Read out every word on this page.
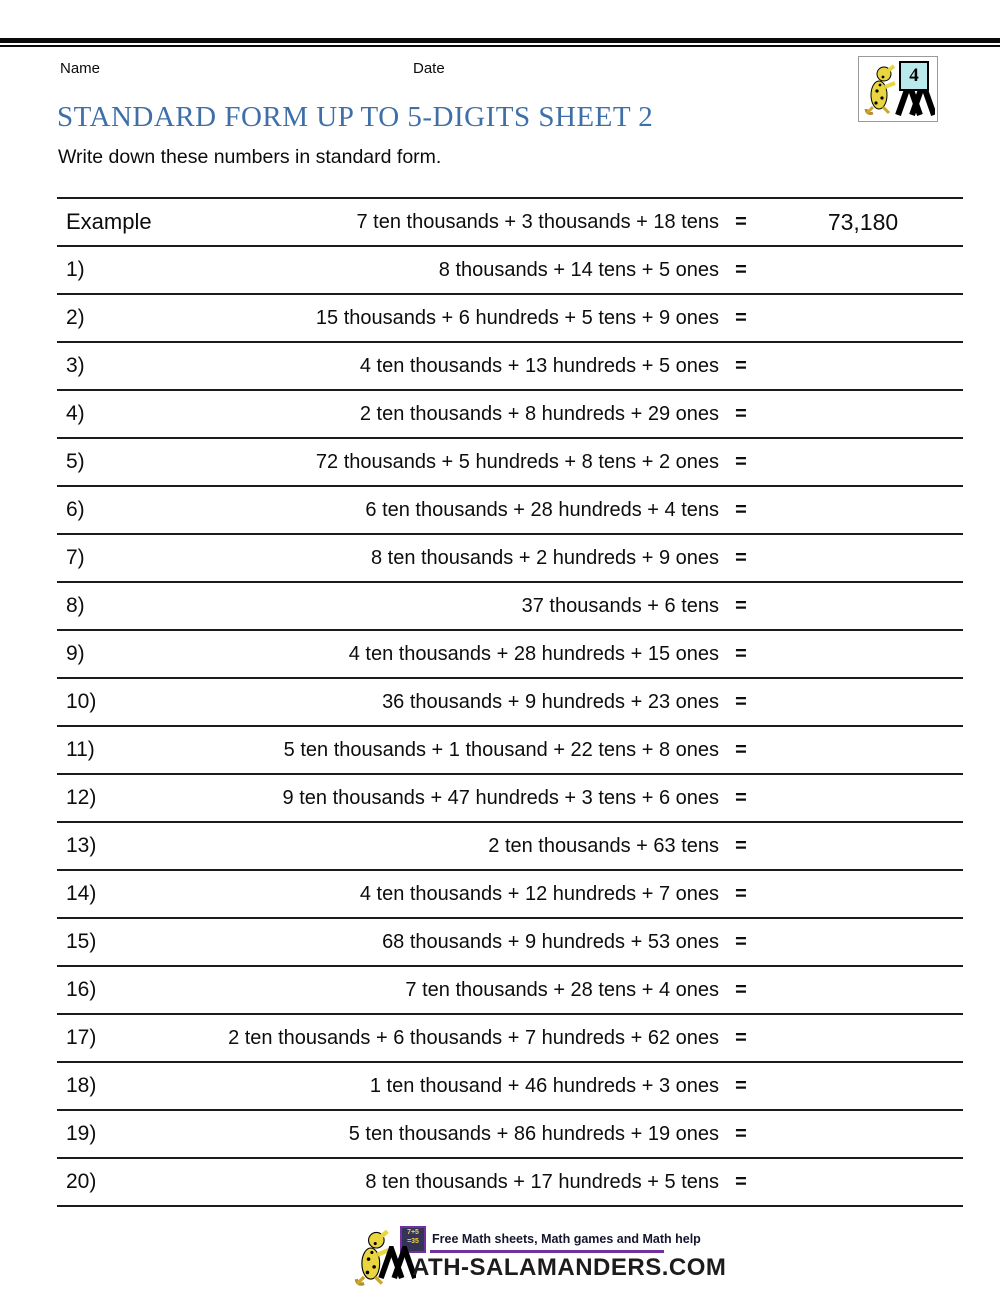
Name	Date	4
STANDARD FORM UP TO 5-DIGITS SHEET 2

Write down these numbers in standard form.

Example	7 ten thousands + 3 thousands + 18 tens =	73,180
1)	8 thousands + 14 tens + 5 ones =
2)	15 thousands + 6 hundreds + 5 tens + 9 ones =
3)	4 ten thousands + 13 hundreds + 5 ones =
4)	2 ten thousands + 8 hundreds + 29 ones =
5)	72 thousands + 5 hundreds + 8 tens + 2 ones =
6)	6 ten thousands + 28 hundreds + 4 tens =
7)	8 ten thousands + 2 hundreds + 9 ones =
8)	37 thousands + 6 tens =
9)	4 ten thousands + 28 hundreds + 15 ones =
10)	36 thousands + 9 hundreds + 23 ones =
11)	5 ten thousands + 1 thousand + 22 tens + 8 ones =
12)	9 ten thousands + 47 hundreds + 3 tens + 6 ones =
13)	2 ten thousands + 63 tens =
14)	4 ten thousands + 12 hundreds + 7 ones =
15)	68 thousands + 9 hundreds + 53 ones =
16)	7 ten thousands + 28 tens + 4 ones =
17)	2 ten thousands + 6 thousands + 7 hundreds + 62 ones =
18)	1 ten thousand + 46 hundreds + 3 ones =
19)	5 ten thousands + 86 hundreds + 19 ones =
20)	8 ten thousands + 17 hundreds + 5 tens =
7+5
=35	Free Math sheets, Math games and Math help
ATH-SALAMANDERS.COM
